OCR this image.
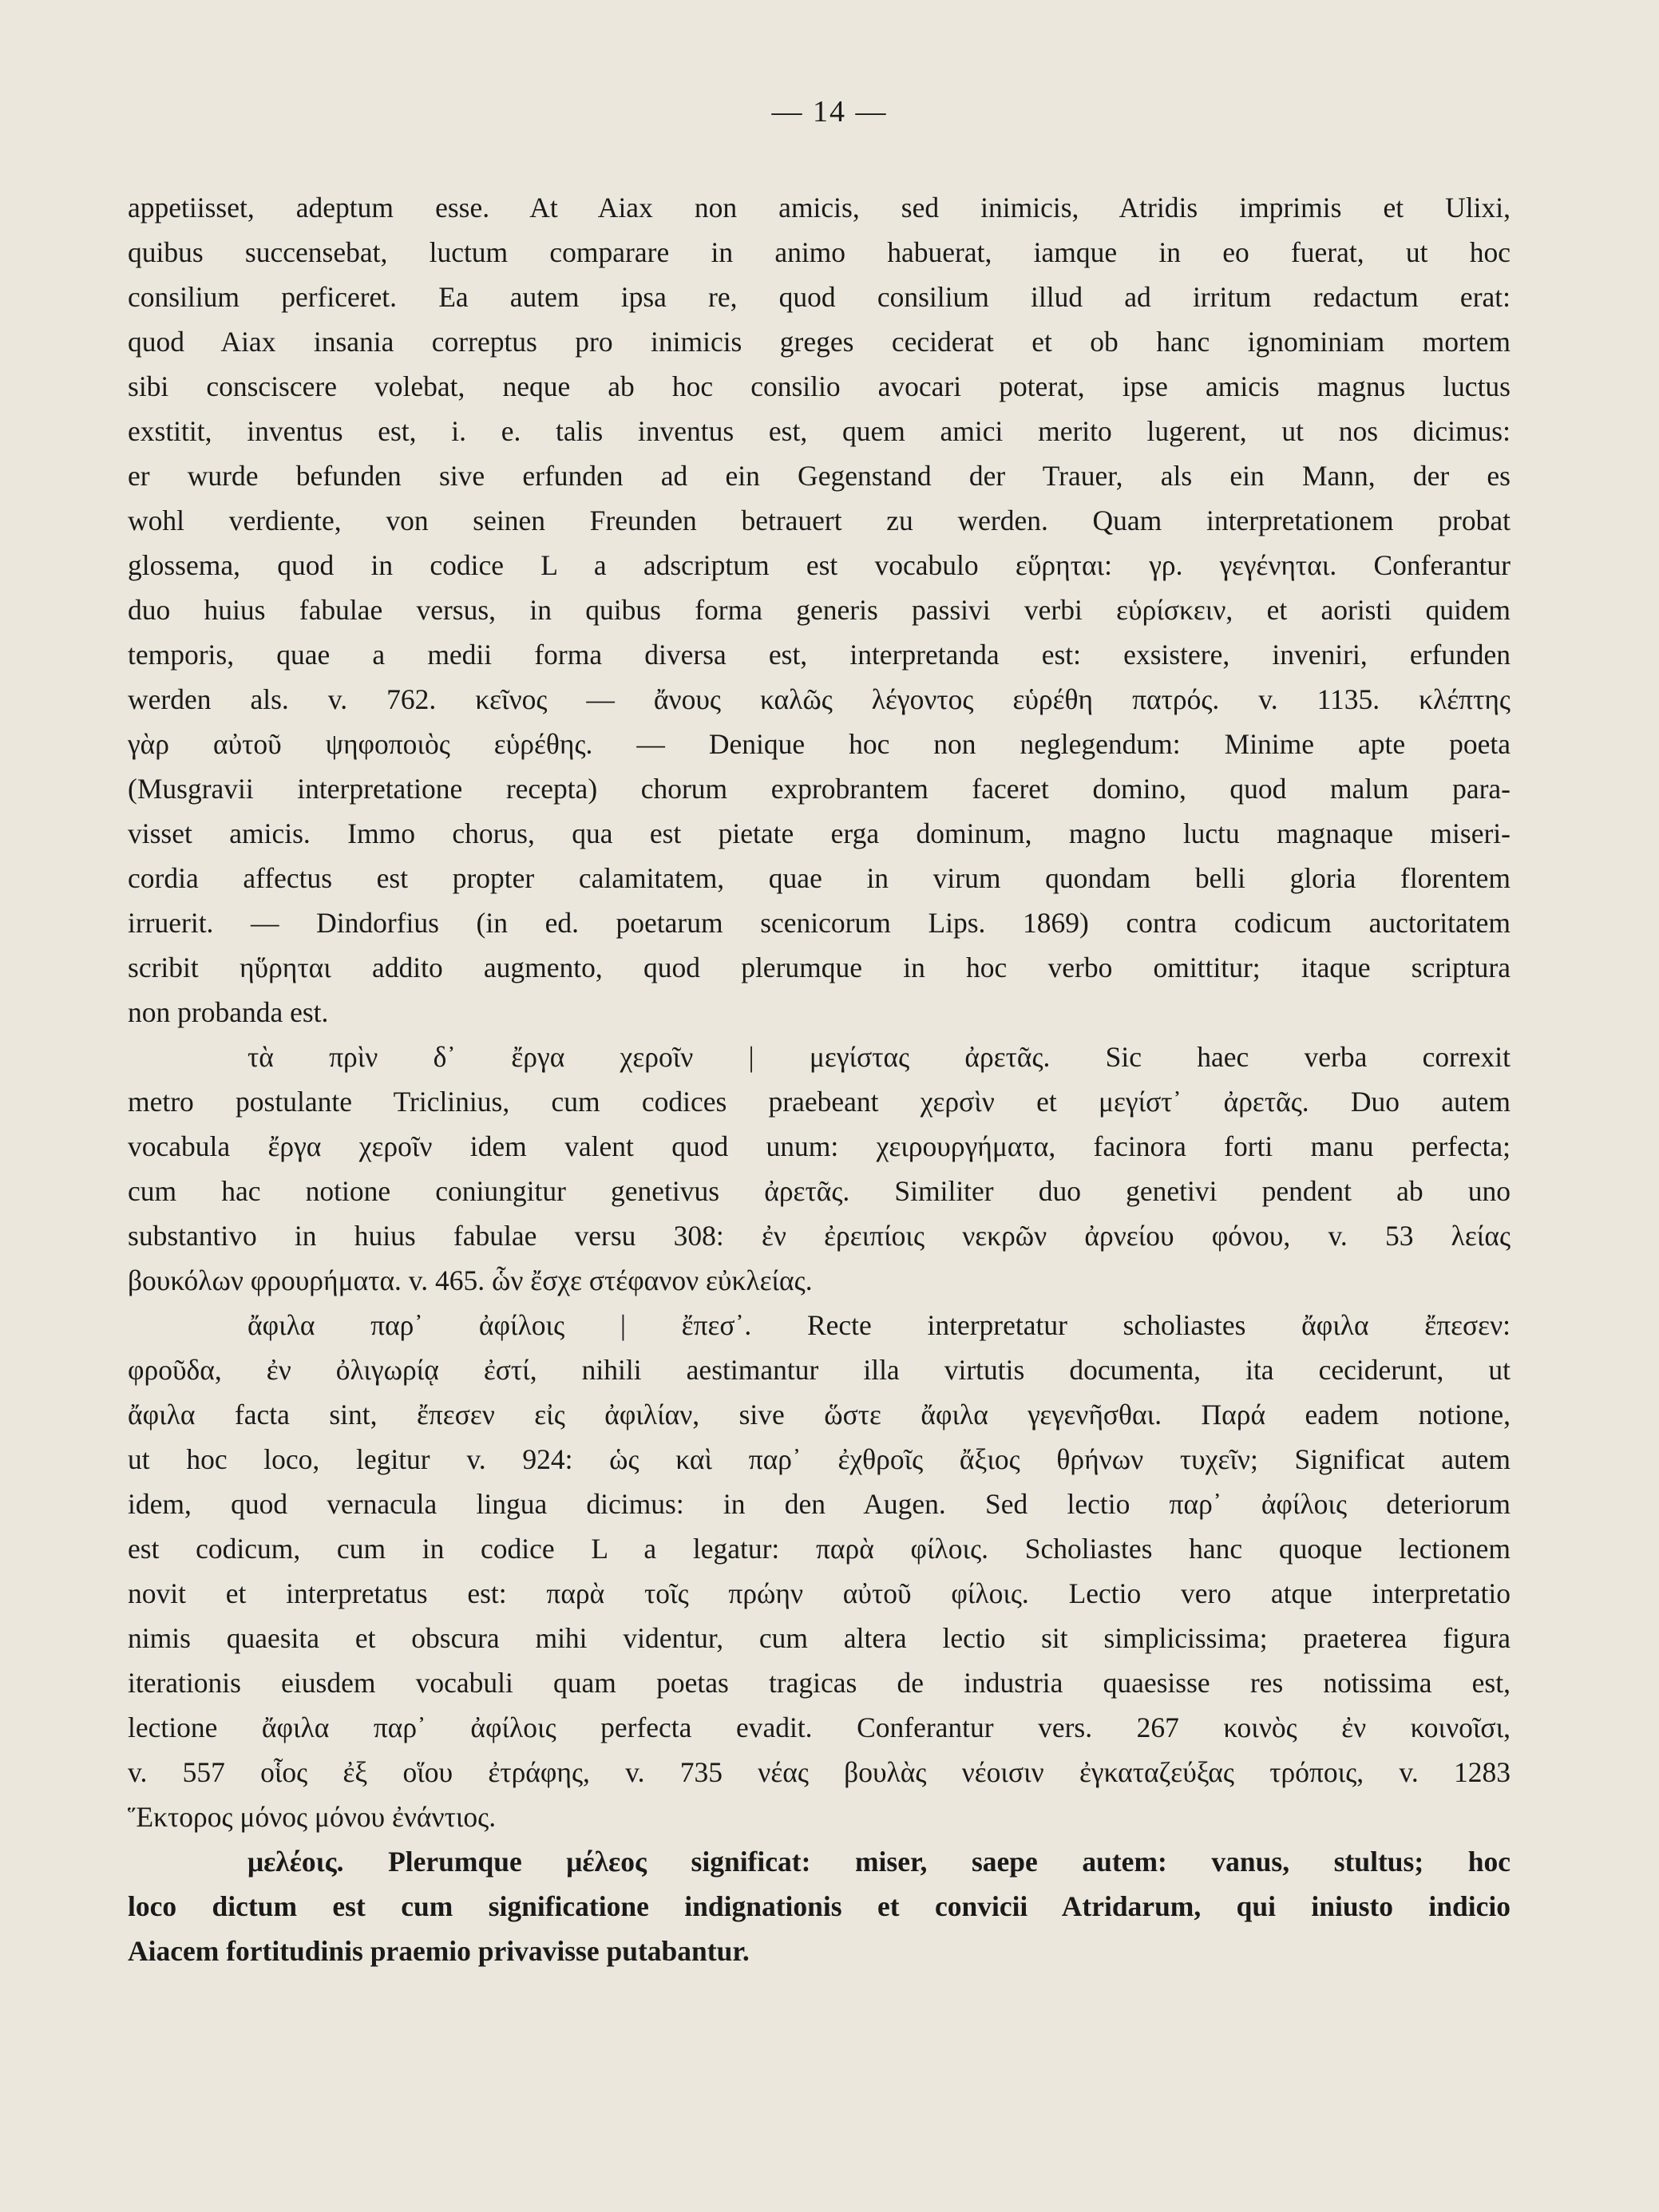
— 14 —
appetiisset, adeptum esse. At Aiax non amicis, sed inimicis, Atridis imprimis et Ulixi,
quibus succensebat, luctum comparare in animo habuerat, iamque in eo fuerat, ut hoc
consilium perficeret. Ea autem ipsa re, quod consilium illud ad irritum redactum erat:
quod Aiax insania correptus pro inimicis greges ceciderat et ob hanc ignominiam mortem
sibi consciscere volebat, neque ab hoc consilio avocari poterat, ipse amicis magnus luctus
exstitit, inventus est, i. e. talis inventus est, quem amici merito lugerent, ut nos dicimus:
er wurde befunden sive erfunden ad ein Gegenstand der Trauer, als ein Mann, der es
wohl verdiente, von seinen Freunden betrauert zu werden. Quam interpretationem probat
glossema, quod in codice L a adscriptum est vocabulo εὕρηται: γρ. γεγένηται. Conferantur
duo huius fabulae versus, in quibus forma generis passivi verbi εὑρίσκειν, et aoristi quidem
temporis, quae a medii forma diversa est, interpretanda est: exsistere, inveniri, erfunden
werden als. v. 762. κεῖνος — ἄνους καλῶς λέγοντος εὑρέθη πατρός. v. 1135. κλέπτης
γὰρ αὐτοῦ ψηφοποιὸς εὑρέθης. — Denique hoc non neglegendum: Minime apte poeta
(Musgravii interpretatione recepta) chorum exprobrantem faceret domino, quod malum para-
visset amicis. Immo chorus, qua est pietate erga dominum, magno luctu magnaque miseri-
cordia affectus est propter calamitatem, quae in virum quondam belli gloria florentem
irruerit. — Dindorfius (in ed. poetarum scenicorum Lips. 1869) contra codicum auctoritatem
scribit ηὕρηται addito augmento, quod plerumque in hoc verbo omittitur; itaque scriptura
non probanda est.
τὰ πρὶν δ᾽ ἔργα χεροῖν | μεγίστας ἀρετᾶς. Sic haec verba correxit
metro postulante Triclinius, cum codices praebeant χερσὶν et μεγίστ᾽ ἀρετᾶς. Duo autem
vocabula ἔργα χεροῖν idem valent quod unum: χειρουργήματα, facinora forti manu perfecta;
cum hac notione coniungitur genetivus ἀρετᾶς. Similiter duo genetivi pendent ab uno
substantivo in huius fabulae versu 308: ἐν ἐρειπίοις νεκρῶν ἀρνείου φόνου, v. 53 λείας
βουκόλων φρουρήματα. v. 465. ὧν ἔσχε στέφανον εὐκλείας.
ἄφιλα παρ᾽ ἀφίλοις | ἔπεσ᾽. Recte interpretatur scholiastes ἄφιλα ἔπεσεν:
φροῦδα, ἐν ὀλιγωρίᾳ ἐστί, nihili aestimantur illa virtutis documenta, ita ceciderunt, ut
ἄφιλα facta sint, ἔπεσεν εἰς ἀφιλίαν, sive ὥστε ἄφιλα γεγενῆσθαι. Παρά eadem notione,
ut hoc loco, legitur v. 924: ὡς καὶ παρ᾽ ἐχθροῖς ἄξιος θρήνων τυχεῖν; Significat autem
idem, quod vernacula lingua dicimus: in den Augen. Sed lectio παρ᾽ ἀφίλοις deteriorum
est codicum, cum in codice L a legatur: παρὰ φίλοις. Scholiastes hanc quoque lectionem
novit et interpretatus est: παρὰ τοῖς πρώην αὐτοῦ φίλοις. Lectio vero atque interpretatio
nimis quaesita et obscura mihi videntur, cum altera lectio sit simplicissima; praeterea figura
iterationis eiusdem vocabuli quam poetas tragicas de industria quaesisse res notissima est,
lectione ἄφιλα παρ᾽ ἀφίλοις perfecta evadit. Conferantur vers. 267 κοινὸς ἐν κοινοῖσι,
v. 557 οἷος ἐξ οἵου ἐτράφης, v. 735 νέας βουλὰς νέοισιν ἐγκαταζεύξας τρόποις, v. 1283
Ἕκτορος μόνος μόνου ἐνάντιος.
μελέοις. Plerumque μέλεος significat: miser, saepe autem: vanus, stultus; hoc
loco dictum est cum significatione indignationis et convicii Atridarum, qui iniusto indicio
Aiacem fortitudinis praemio privavisse putabantur.
